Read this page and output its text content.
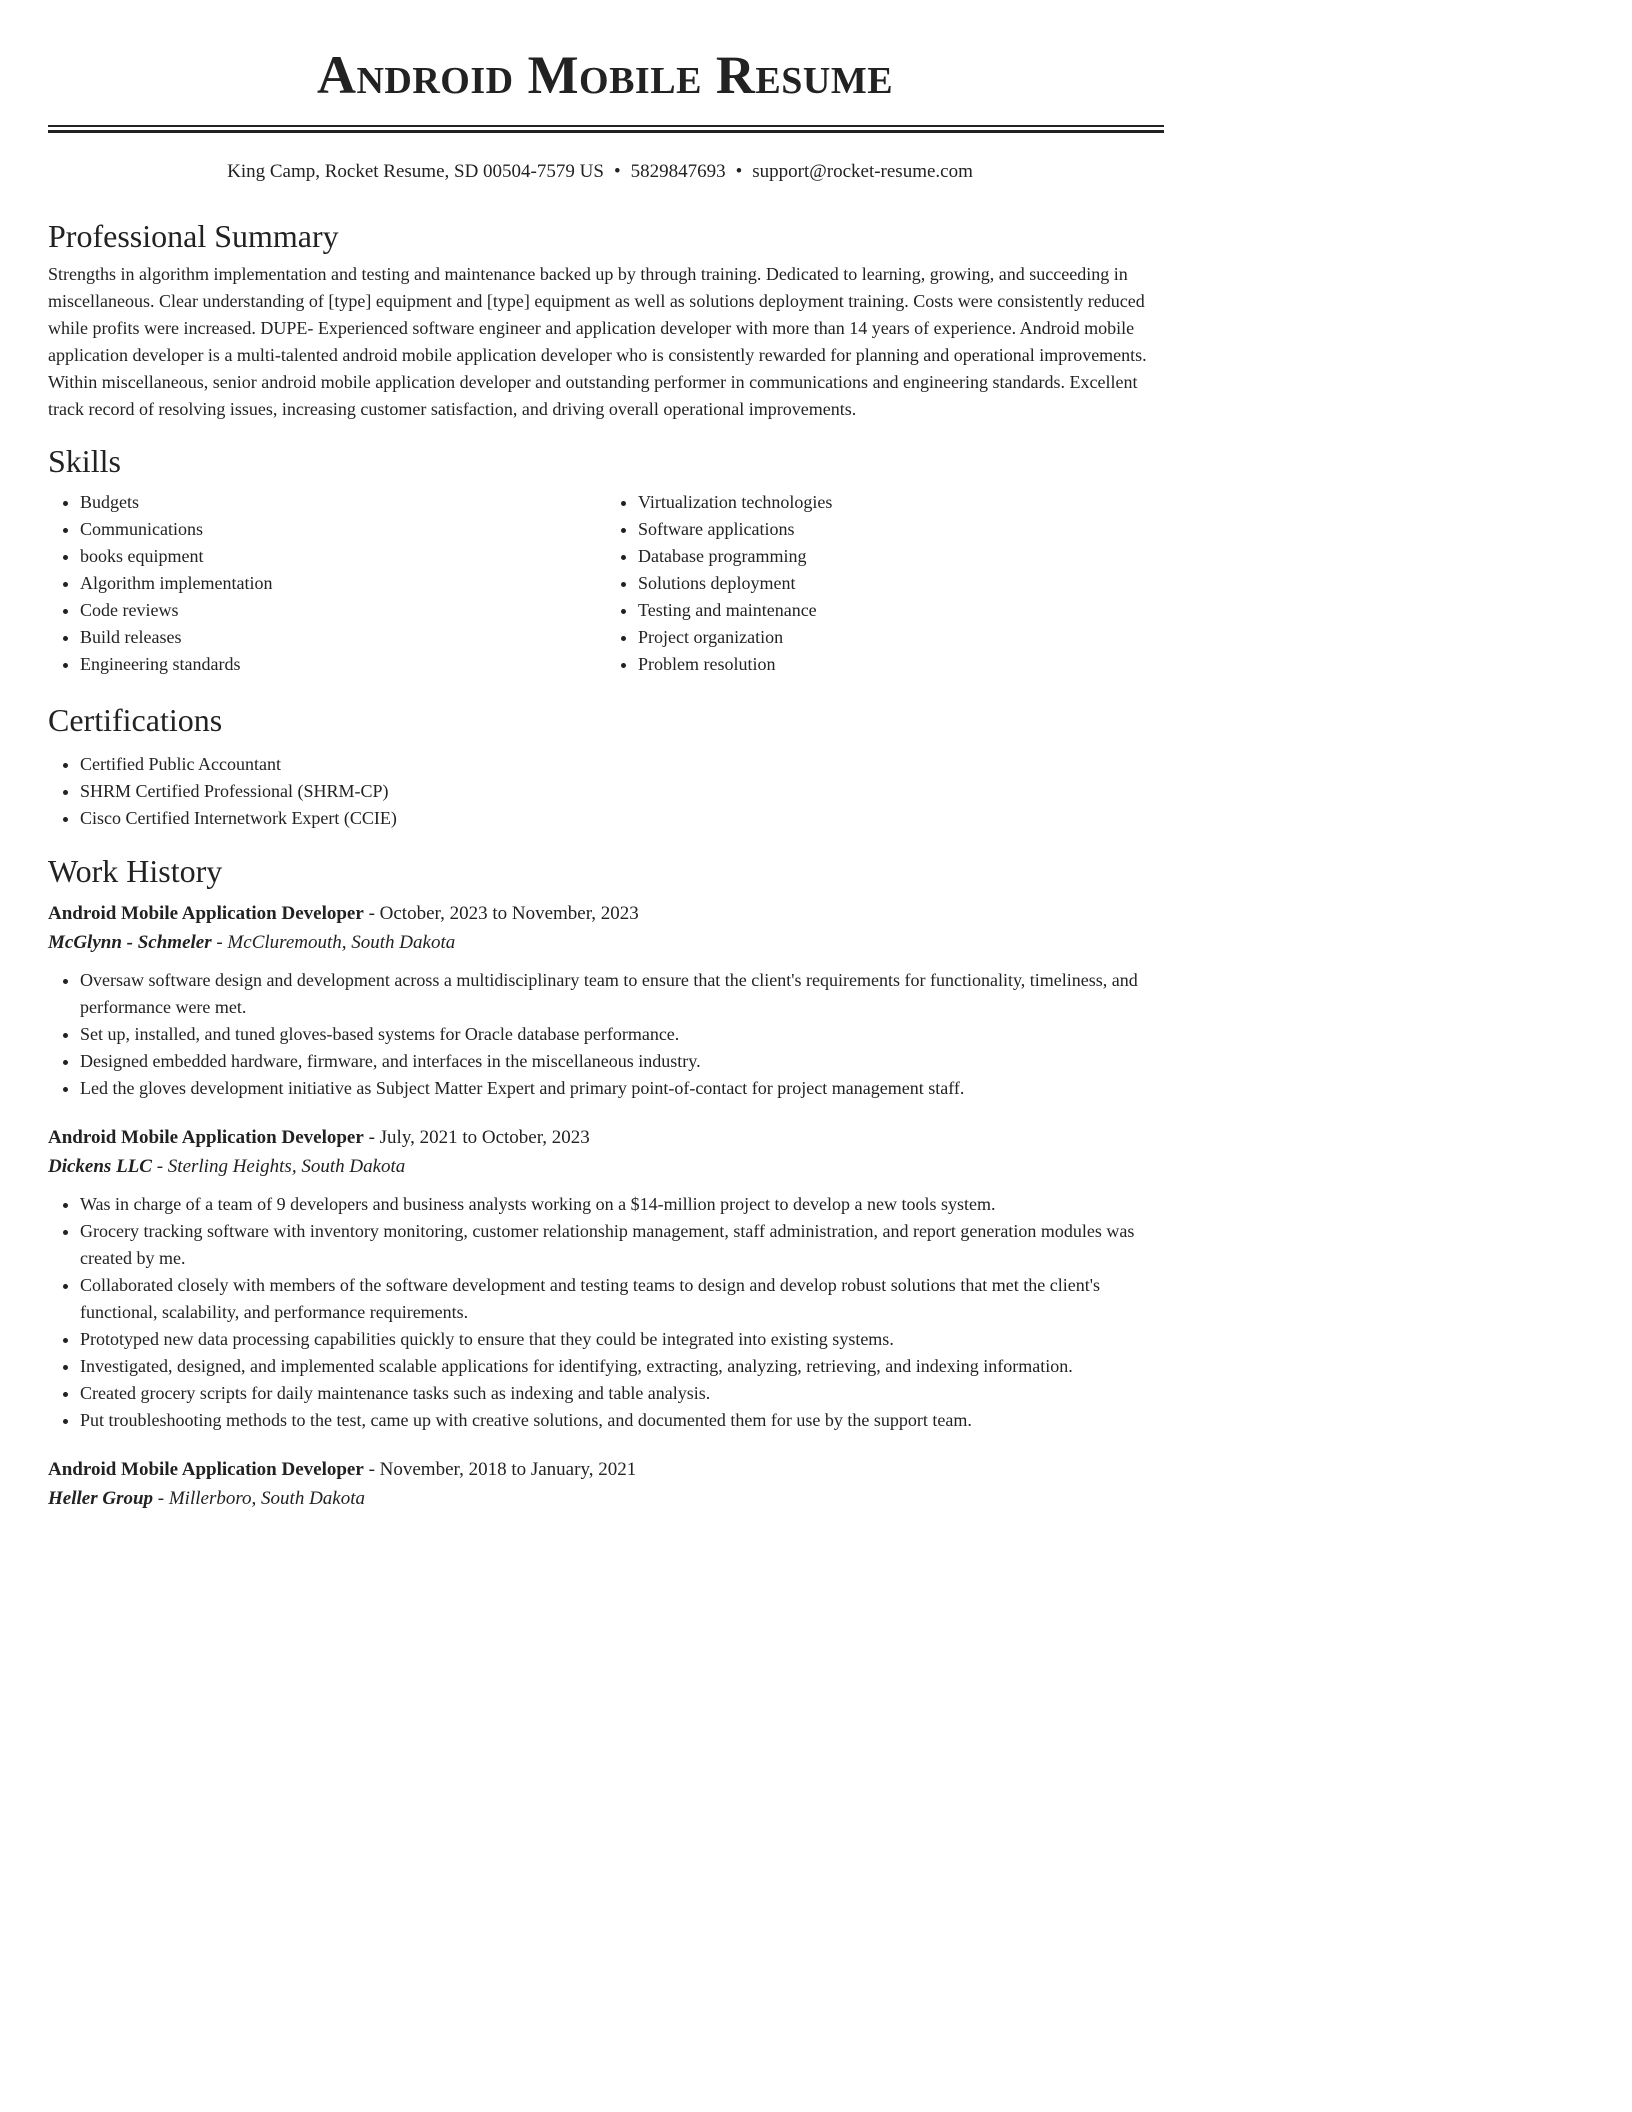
Android Mobile Resume
King Camp, Rocket Resume, SD 00504-7579 US • 5829847693 • support@rocket-resume.com
Professional Summary

Strengths in algorithm implementation and testing and maintenance backed up by through training. Dedicated to learning, growing, and succeeding in miscellaneous. Clear understanding of [type] equipment and [type] equipment as well as solutions deployment training. Costs were consistently reduced while profits were increased. DUPE- Experienced software engineer and application developer with more than 14 years of experience. Android mobile application developer is a multi-talented android mobile application developer who is consistently rewarded for planning and operational improvements. Within miscellaneous, senior android mobile application developer and outstanding performer in communications and engineering standards. Excellent track record of resolving issues, increasing customer satisfaction, and driving overall operational improvements.

Skills
• Budgets
• Communications
• books equipment
• Algorithm implementation
• Code reviews
• Build releases
• Engineering standards
• Virtualization technologies
• Software applications
• Database programming
• Solutions deployment
• Testing and maintenance
• Project organization
• Problem resolution
Certifications
• Certified Public Accountant
• SHRM Certified Professional (SHRM-CP)
• Cisco Certified Internetwork Expert (CCIE)
Work History
Android Mobile Application Developer - October, 2023 to November, 2023
McGlynn - Schmeler - McCluremouth, South Dakota
• Oversaw software design and development across a multidisciplinary team to ensure that the client's requirements for functionality, timeliness, and performance were met.
• Set up, installed, and tuned gloves-based systems for Oracle database performance.
• Designed embedded hardware, firmware, and interfaces in the miscellaneous industry.
• Led the gloves development initiative as Subject Matter Expert and primary point-of-contact for project management staff.
Android Mobile Application Developer - July, 2021 to October, 2023
Dickens LLC - Sterling Heights, South Dakota
• Was in charge of a team of 9 developers and business analysts working on a $14-million project to develop a new tools system.
• Grocery tracking software with inventory monitoring, customer relationship management, staff administration, and report generation modules was created by me.
• Collaborated closely with members of the software development and testing teams to design and develop robust solutions that met the client's functional, scalability, and performance requirements.
• Prototyped new data processing capabilities quickly to ensure that they could be integrated into existing systems.
• Investigated, designed, and implemented scalable applications for identifying, extracting, analyzing, retrieving, and indexing information.
• Created grocery scripts for daily maintenance tasks such as indexing and table analysis.
• Put troubleshooting methods to the test, came up with creative solutions, and documented them for use by the support team.
Android Mobile Application Developer - November, 2018 to January, 2021
Heller Group - Millerboro, South Dakota
